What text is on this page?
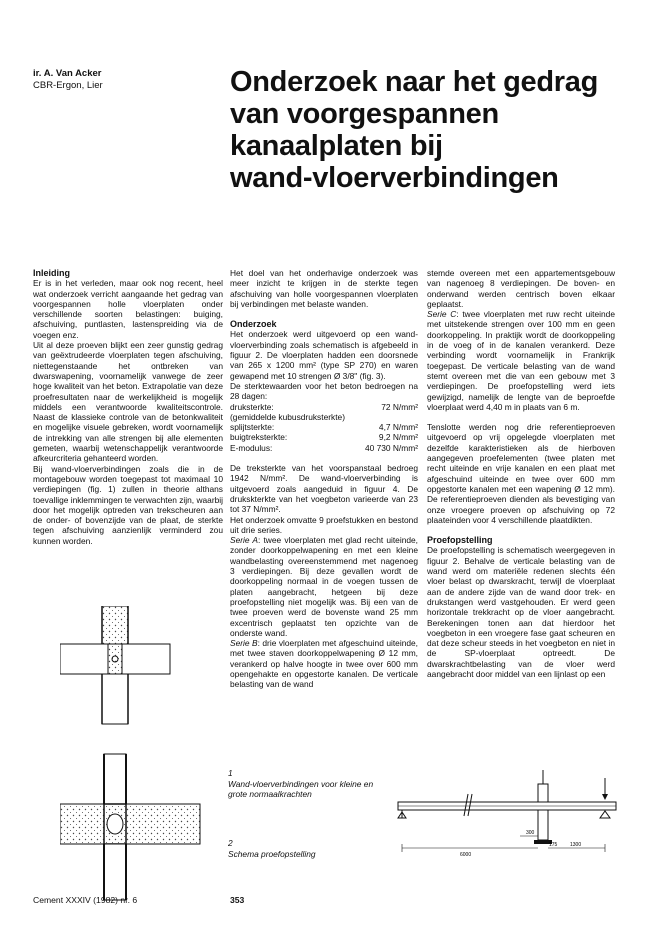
ir. A. Van Acker
CBR-Ergon, Lier	Onderzoek naar het gedrag
van voorgespannen
kanaalplaten bij
wand-vloerverbindingen

Inleiding

Er is in het verleden, maar ook nog recent, heel wat onderzoek verricht aangaande het gedrag van voorgespannen holle vloerplaten onder verschillende soorten belastingen: buiging, afschuiving, puntlasten, lastenspreiding via de voegen enz.

Uit al deze proeven blijkt een zeer gunstig gedrag van geëxtrudeerde vloerplaten tegen afschuiving, niettegenstaande het ontbreken van dwarswapening, voornamelijk vanwege de zeer hoge kwaliteit van het beton. Extrapolatie van deze proefresultaten naar de werkelijkheid is mogelijk middels een verantwoorde kwaliteitscontrole. Naast de klassieke controle van de betonkwaliteit en mogelijke visuele gebreken, wordt voornamelijk de intrekking van alle strengen bij alle elementen gemeten, waarbij wetenschappelijk verantwoorde afkeurcriteria gehanteerd worden.

Bij wand-vloerverbindingen zoals die in de montagebouw worden toegepast tot maximaal 10 verdiepingen (fig. 1) zullen in theorie althans toevallige inklemmingen te verwachten zijn, waarbij door het mogelijk optreden van trekscheuren aan de onder- of bovenzijde van de plaat, de sterkte tegen afschuiving aanzienlijk verminderd zou kunnen worden.

Het doel van het onderhavige onderzoek was meer inzicht te krijgen in de sterkte tegen afschuiving van holle voorgespannen vloerplaten bij verbindingen met belaste wanden.

Onderzoek

Het onderzoek werd uitgevoerd op een wand-vloerverbinding zoals schematisch is afgebeeld in figuur 2. De vloerplaten hadden een doorsnede van 265 x 1200 mm² (type SP 270) en waren gewapend met 10 strengen Ø 3/8" (fig. 3).

De sterktewaarden voor het beton bedroegen na 28 dagen:

druksterkte:	72 N/mm²
(gemiddelde kubusdruksterkte)
splijtsterkte:	4,7 N/mm²
buigtreksterkte:	9,2 N/mm²
E-modulus:	40 730 N/mm²

De treksterkte van het voorspanstaal bedroeg 1942 N/mm². De wand-vloerverbinding is uitgevoerd zoals aangeduid in figuur 4. De drukskterkte van het voegbeton varieerde van 23 tot 37 N/mm².

Het onderzoek omvatte 9 proefstukken en bestond uit drie series.

Serie A: twee vloerplaten met glad recht uiteinde, zonder doorkoppelwapening en met een kleine wandbelasting overeenstemmend met nagenoeg 3 verdiepingen. Bij deze gevallen wordt de doorkoppeling normaal in de voegen tussen de platen aangebracht, hetgeen bij deze proefopstelling niet mogelijk was. Bij een van de twee proeven werd de bovenste wand 25 mm excentrisch geplaatst ten opzichte van de onderste wand.

Serie B: drie vloerplaten met afgeschuind uiteinde, met twee staven doorkoppelwapening Ø 12 mm, verankerd op halve hoogte in twee over 600 mm opengehakte en opgestorte kanalen. De verticale belasting van de wand

stemde overeen met een appartementsgebouw van nagenoeg 8 verdiepingen. De boven- en onderwand werden centrisch boven elkaar geplaatst.

Serie C: twee vloerplaten met ruw recht uiteinde met uitstekende strengen over 100 mm en geen doorkoppeling. In praktijk wordt de doorkoppeling in de voeg of in de kanalen verankerd. Deze verbinding wordt voornamelijk in Frankrijk toegepast. De verticale belasting van de wand stemt overeen met die van een gebouw met 3 verdiepingen. De proefopstelling werd iets gewijzigd, namelijk de lengte van de beproefde vloerplaat werd 4,40 m in plaats van 6 m.

Tenslotte werden nog drie referentieproeven uitgevoerd op vrij opgelegde vloerplaten met dezelfde karakteristieken als de hierboven aangegeven proefelementen (twee platen met recht uiteinde en vrije kanalen en een plaat met afgeschuind uiteinde en twee over 600 mm opgestorte kanalen met een wapening Ø 12 mm). De referentieproeven dienden als bevestiging van onze vroegere proeven op afschuiving op 72 plaateinden voor 4 verschillende plaatdikten.

Proefopstelling

De proefopstelling is schematisch weergegeven in figuur 2. Behalve de verticale belasting van de wand werd om materiële redenen slechts één vloer belast op dwarskracht, terwijl de vloerplaat aan de andere zijde van de wand door trek- en drukstangen werd vastgehouden. Er werd geen horizontale trekkracht op de vloer aangebracht. Berekeningen tonen aan dat hierdoor het voegbeton in een vroegere fase gaat scheuren en dat deze scheur steeds in het voegbeton en niet in de SP-vloerplaat optreedt. De dwarskrachtbelasting van de vloer werd aangebracht door middel van een lijnlast op een

1
Wand-vloerverbindingen voor kleine en grote normaalkrachten
2
Schema proefopstelling	6000
300
175	1300
Cement XXXIV (1982) nr. 6	353
